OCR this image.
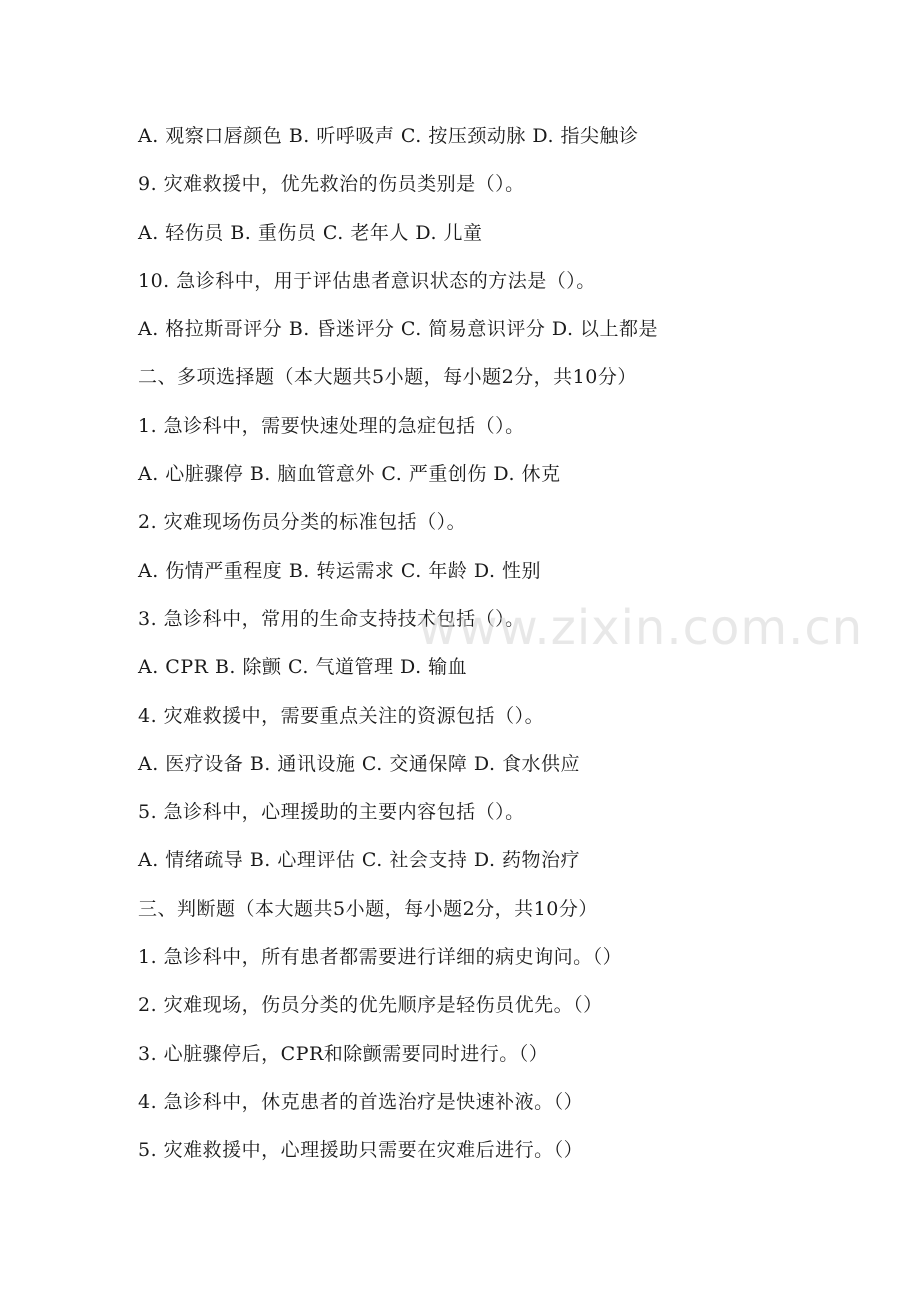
A. 观察口唇颜色 B. 听呼吸声 C. 按压颈动脉 D. 指尖触诊
9. 灾难救援中，优先救治的伤员类别是（）。
A. 轻伤员 B. 重伤员 C. 老年人 D. 儿童
10. 急诊科中，用于评估患者意识状态的方法是（）。
A. 格拉斯哥评分 B. 昏迷评分 C. 简易意识评分 D. 以上都是
二、多项选择题（本大题共5小题，每小题2分，共10分）
1. 急诊科中，需要快速处理的急症包括（）。
A. 心脏骤停 B. 脑血管意外 C. 严重创伤 D. 休克
2. 灾难现场伤员分类的标准包括（）。
A. 伤情严重程度 B. 转运需求 C. 年龄 D. 性别
3. 急诊科中，常用的生命支持技术包括（）。
A. CPR B. 除颤 C. 气道管理 D. 输血
4. 灾难救援中，需要重点关注的资源包括（）。
A. 医疗设备 B. 通讯设施 C. 交通保障 D. 食水供应
5. 急诊科中，心理援助的主要内容包括（）。
A. 情绪疏导 B. 心理评估 C. 社会支持 D. 药物治疗
三、判断题（本大题共5小题，每小题2分，共10分）
1. 急诊科中，所有患者都需要进行详细的病史询问。（）
2. 灾难现场，伤员分类的优先顺序是轻伤员优先。（）
3. 心脏骤停后，CPR和除颤需要同时进行。（）
4. 急诊科中，休克患者的首选治疗是快速补液。（）
5. 灾难救援中，心理援助只需要在灾难后进行。（）
www.zixin.com.cn
